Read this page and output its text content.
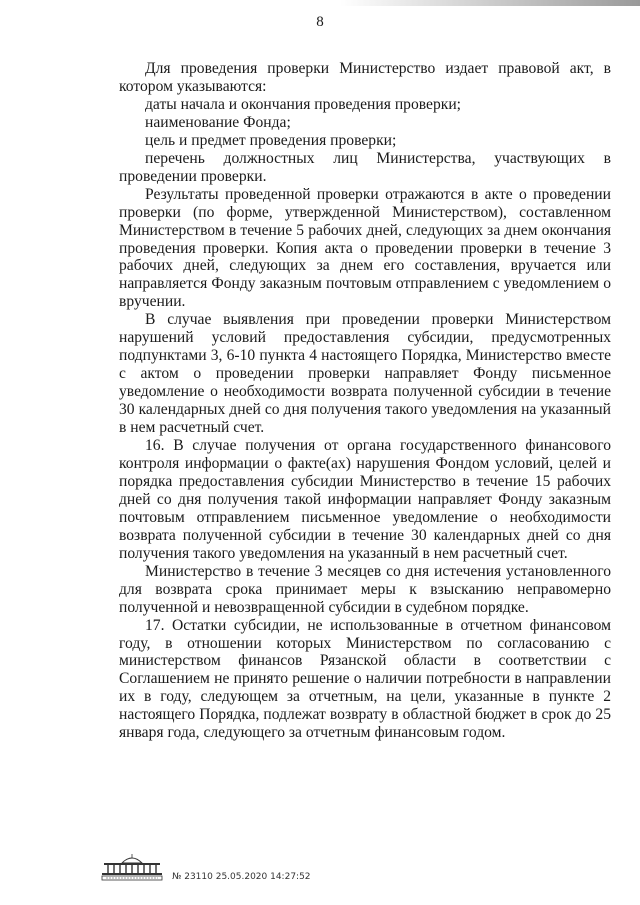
8

Для проведения проверки Министерство издает правовой акт, в котором указываются:

даты начала и окончания проведения проверки;

наименование Фонда;

цель и предмет проведения проверки;

перечень должностных лиц Министерства, участвующих в проведении проверки.

Результаты проведенной проверки отражаются в акте о проведении проверки (по форме, утвержденной Министерством), составленном Министерством в течение 5 рабочих дней, следующих за днем окончания проведения проверки. Копия акта о проведении проверки в течение 3 рабочих дней, следующих за днем его составления, вручается или направляется Фонду заказным почтовым отправлением с уведомлением о вручении.

В случае выявления при проведении проверки Министерством нарушений условий предоставления субсидии, предусмотренных подпунктами 3, 6-10 пункта 4 настоящего Порядка, Министерство вместе с актом о проведении проверки направляет Фонду письменное уведомление о необходимости возврата полученной субсидии в течение 30 календарных дней со дня получения такого уведомления на указанный в нем расчетный счет.

16. В случае получения от органа государственного финансового контроля информации о факте(ах) нарушения Фондом условий, целей и порядка предоставления субсидии Министерство в течение 15 рабочих дней со дня получения такой информации направляет Фонду заказным почтовым отправлением письменное уведомление о необходимости возврата полученной субсидии в течение 30 календарных дней со дня получения такого уведомления на указанный в нем расчетный счет.

Министерство в течение 3 месяцев со дня истечения установленного для возврата срока принимает меры к взысканию неправомерно полученной и невозвращенной субсидии в судебном порядке.

17. Остатки субсидии, не использованные в отчетном финансовом году, в отношении которых Министерством по согласованию с министерством финансов Рязанской области в соответствии с Соглашением не принято решение о наличии потребности в направлении их в году, следующем за отчетным, на цели, указанные в пункте 2 настоящего Порядка, подлежат возврату в областной бюджет в срок до 25 января года, следующего за отчетным финансовым годом.

№ 23110 25.05.2020 14:27:52
